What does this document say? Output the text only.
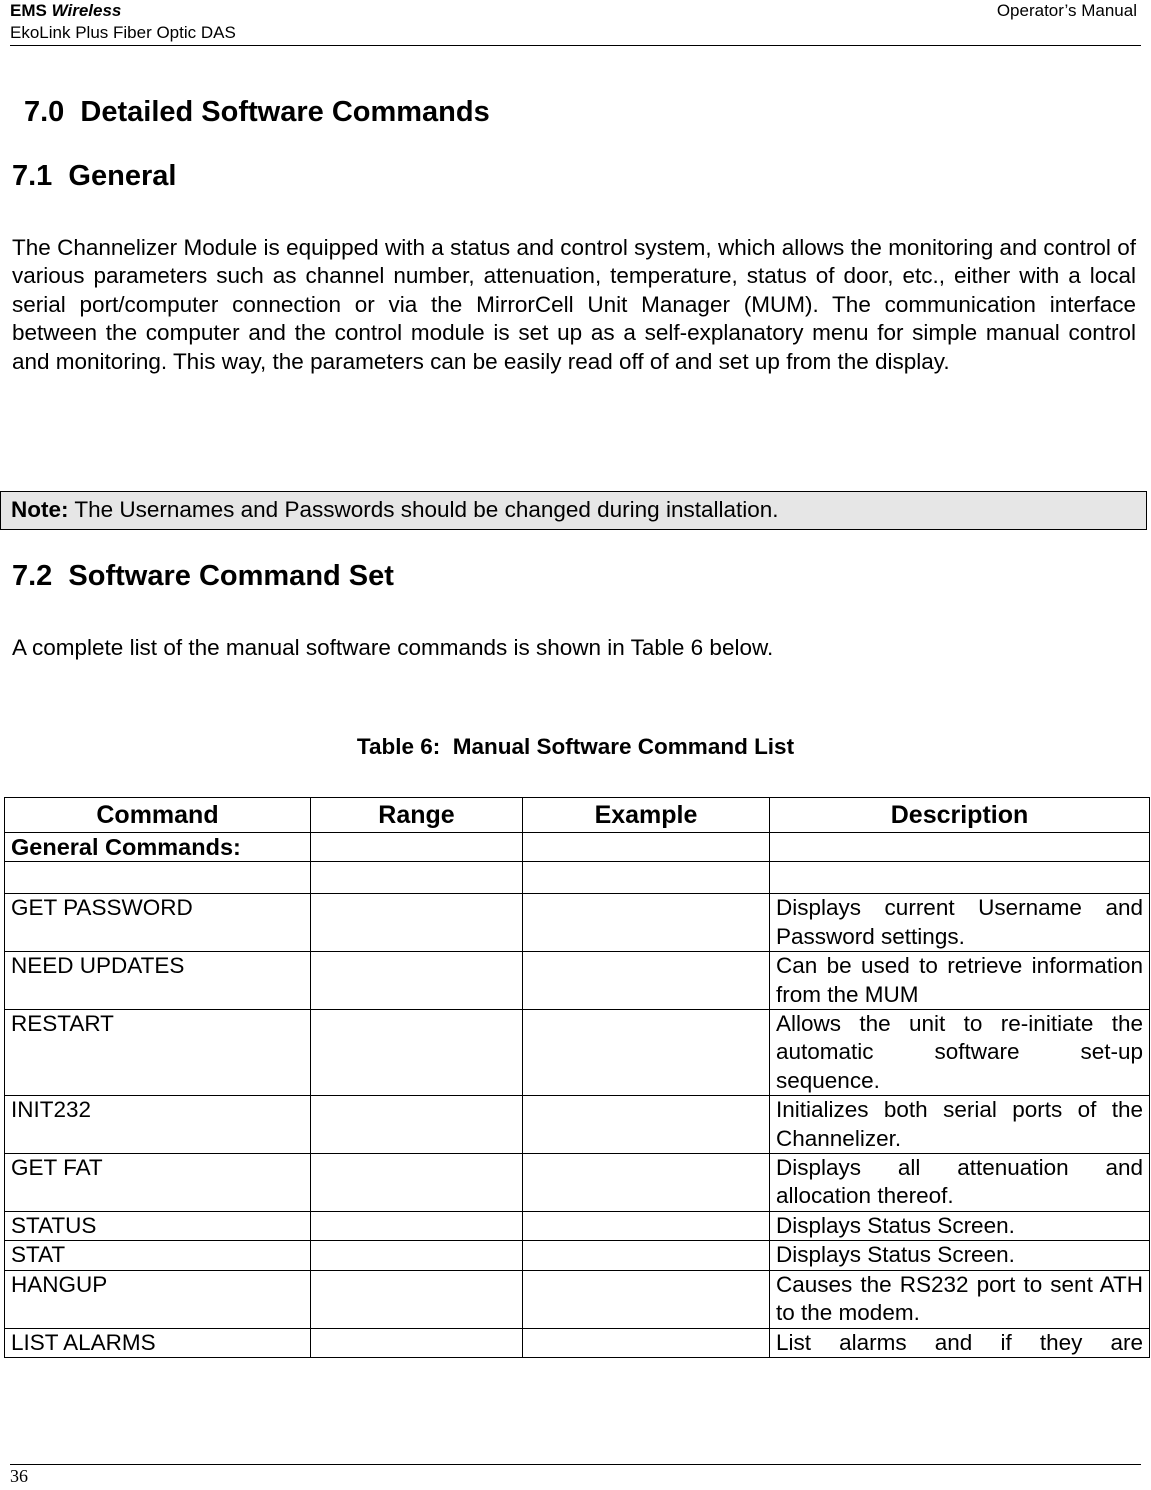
EMS Wireless
EkoLink Plus Fiber Optic DAS
Operator’s Manual
7.0  Detailed Software Commands
7.1  General
The Channelizer Module is equipped with a status and control system, which allows the monitoring and control of various parameters such as channel number, attenuation, temperature, status of door, etc., either with a local serial port/computer connection or via the MirrorCell Unit Manager (MUM). The communication interface between the computer and the control module is set up as a self-explanatory menu for simple manual control and monitoring. This way, the parameters can be easily read off of and set up from the display.
Note: The Usernames and Passwords should be changed during installation.
7.2  Software Command Set
A complete list of the manual software commands is shown in Table 6 below.
Table 6:  Manual Software Command List
Command	Range	Example	Description
General Commands:			

GET PASSWORD			Displays current Username and Password settings.
NEED UPDATES			Can be used to retrieve information from the MUM
RESTART			Allows the unit to re-initiate the automatic software set-up sequence.
INIT232			Initializes both serial ports of the Channelizer.
GET FAT			Displays all attenuation and allocation thereof.
STATUS			Displays Status Screen.
STAT			Displays Status Screen.
HANGUP			Causes the RS232 port to sent ATH to the modem.
LIST ALARMS			List alarms and if they are
36
